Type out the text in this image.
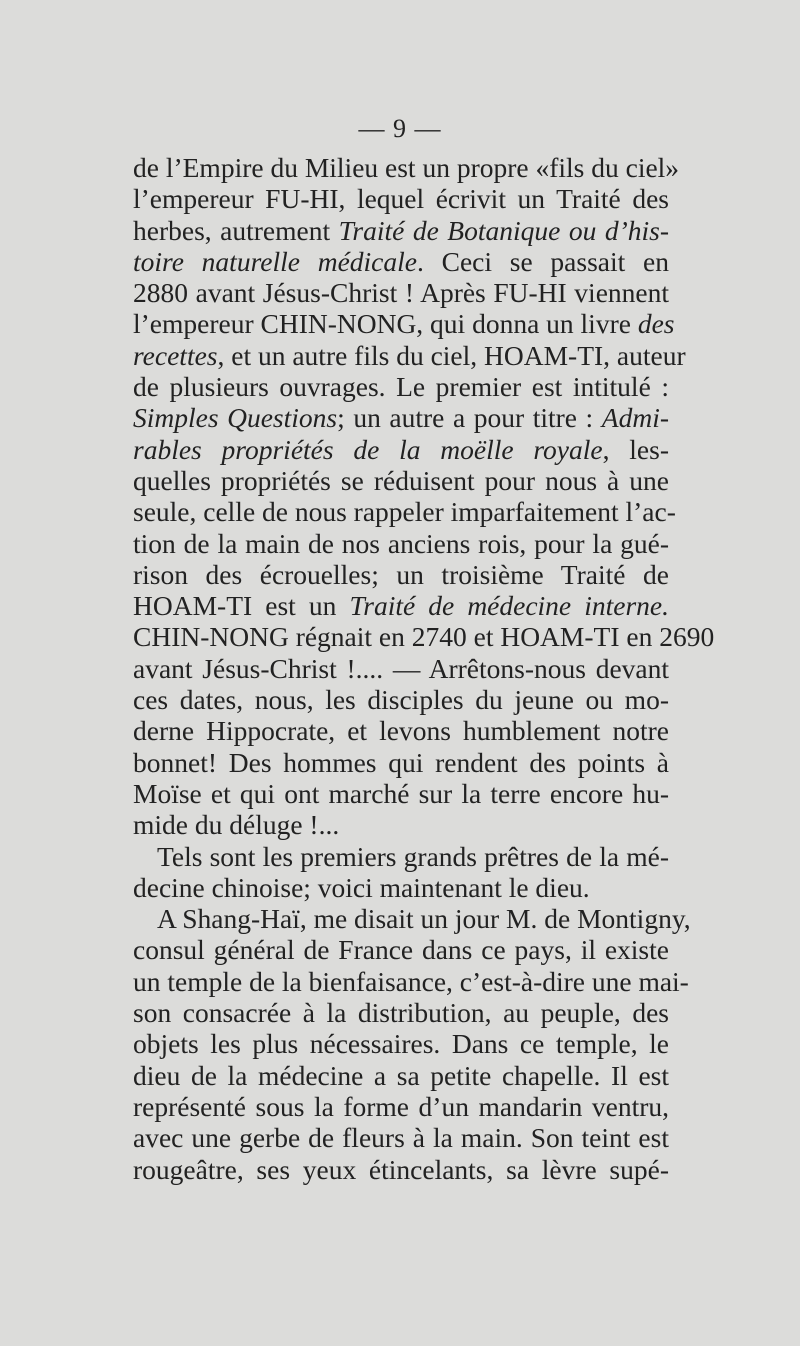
— 9 —
de l’Empire du Milieu est un propre «fils du ciel»
l’empereur FU-HI, lequel écrivit un Traité des
herbes, autrement Traité de Botanique ou d’his-
toire naturelle médicale. Ceci se passait en
2880 avant Jésus-Christ ! Après FU-HI viennent
l’empereur CHIN-NONG, qui donna un livre des
recettes, et un autre fils du ciel, HOAM-TI, auteur
de plusieurs ouvrages. Le premier est intitulé :
Simples Questions; un autre a pour titre : Admi-
rables propriétés de la moëlle royale, les-
quelles propriétés se réduisent pour nous à une
seule, celle de nous rappeler imparfaitement l’ac-
tion de la main de nos anciens rois, pour la gué-
rison des écrouelles; un troisième Traité de
HOAM-TI est un Traité de médecine interne.
CHIN-NONG régnait en 2740 et HOAM-TI en 2690
avant Jésus-Christ !.... — Arrêtons-nous devant
ces dates, nous, les disciples du jeune ou mo-
derne Hippocrate, et levons humblement notre
bonnet! Des hommes qui rendent des points à
Moïse et qui ont marché sur la terre encore hu-
mide du déluge !...
Tels sont les premiers grands prêtres de la mé-
decine chinoise; voici maintenant le dieu.
A Shang-Haï, me disait un jour M. de Montigny,
consul général de France dans ce pays, il existe
un temple de la bienfaisance, c’est-à-dire une mai-
son consacrée à la distribution, au peuple, des
objets les plus nécessaires. Dans ce temple, le
dieu de la médecine a sa petite chapelle. Il est
représenté sous la forme d’un mandarin ventru,
avec une gerbe de fleurs à la main. Son teint est
rougeâtre, ses yeux étincelants, sa lèvre supé-
